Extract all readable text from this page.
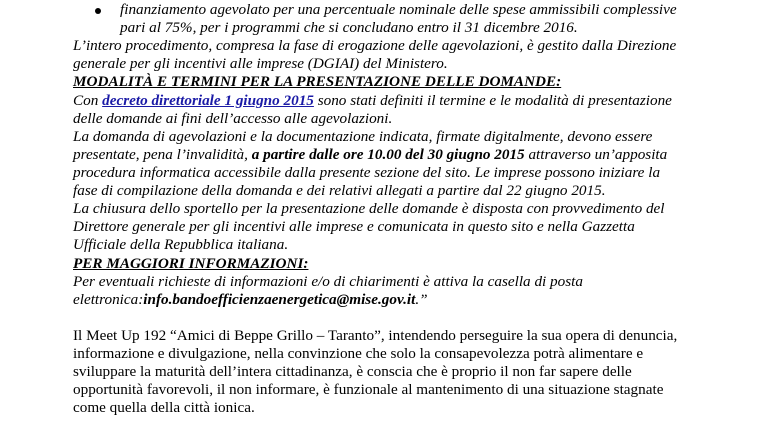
finanziamento agevolato per una percentuale nominale delle spese ammissibili complessive
pari al 75%, per i programmi che si concludano entro il 31 dicembre 2016.
L’intero procedimento, compresa la fase di erogazione delle agevolazioni, è gestito dalla Direzione
generale per gli incentivi alle imprese (DGIAI) del Ministero.
MODALITÀ E TERMINI PER LA PRESENTAZIONE DELLE DOMANDE:
Con decreto direttoriale 1 giugno 2015 sono stati definiti il termine e le modalità di presentazione
delle domande ai fini dell’accesso alle agevolazioni.
La domanda di agevolazioni e la documentazione indicata, firmate digitalmente, devono essere
presentate, pena l’invalidità, a partire dalle ore 10.00 del 30 giugno 2015 attraverso un’apposita
procedura informatica accessibile dalla presente sezione del sito. Le imprese possono iniziare la
fase di compilazione della domanda e dei relativi allegati a partire dal 22 giugno 2015.
La chiusura dello sportello per la presentazione delle domande è disposta con provvedimento del
Direttore generale per gli incentivi alle imprese e comunicata in questo sito e nella Gazzetta
Ufficiale della Repubblica italiana.
PER MAGGIORI INFORMAZIONI:
Per eventuali richieste di informazioni e/o di chiarimenti è attiva la casella di posta
elettronica:info.bandoefficienzaenergetica@mise.gov.it.”
Il Meet Up 192 “Amici di Beppe Grillo – Taranto”, intendendo perseguire la sua opera di denuncia,
informazione e divulgazione, nella convinzione che solo la consapevolezza potrà alimentare e
sviluppare la maturità dell’intera cittadinanza, è conscia che è proprio il non far sapere delle
opportunità favorevoli, il non informare, è funzionale al mantenimento di una situazione stagnate
come quella della città ionica.
